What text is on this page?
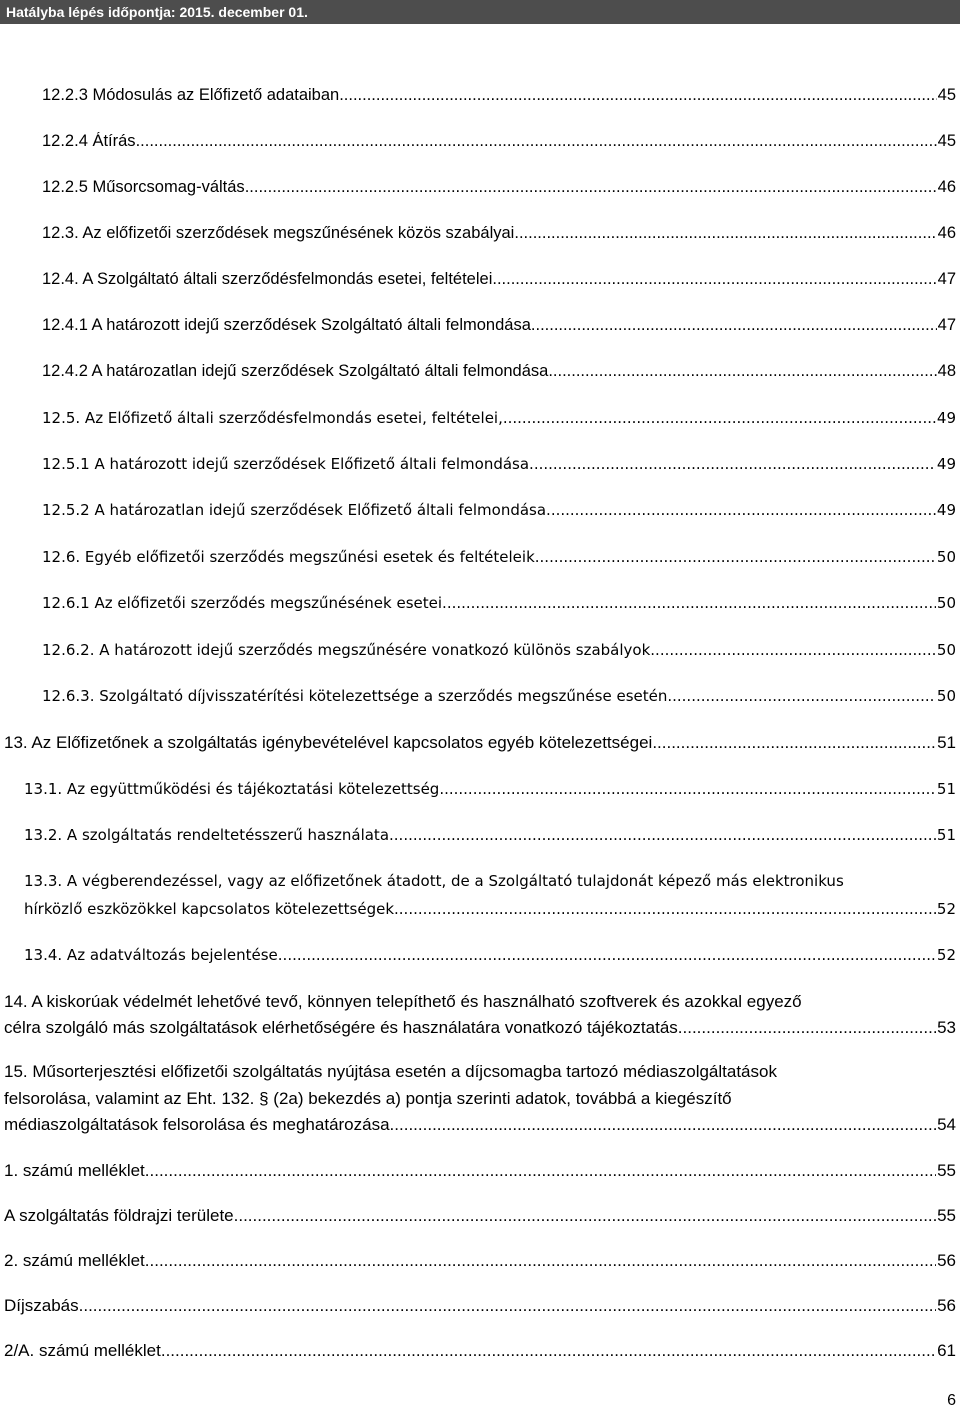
Hatályba lépés időpontja: 2015. december 01.
12.2.3 Módosulás az Előfizető adataiban .....	45
12.2.4 Átírás .....	45
12.2.5 Műsorcsomag-váltás .....	46
12.3. Az előfizetői szerződések megszűnésének közös szabályai .....	46
12.4. A Szolgáltató általi szerződésfelmondás esetei, feltételei .....	47
12.4.1 A határozott idejű szerződések Szolgáltató általi felmondása .....	47
12.4.2 A határozatlan idejű szerződések Szolgáltató általi felmondása .....	48
12.5. Az Előfizető általi szerződésfelmondás esetei, feltételei, .....	49
12.5.1 A határozott idejű szerződések Előfizető általi felmondása .....	49
12.5.2 A határozatlan idejű szerződések Előfizető általi felmondása .....	49
12.6. Egyéb előfizetői szerződés megszűnési esetek és feltételeik .....	50
12.6.1 Az előfizetői szerződés megszűnésének esetei .....	50
12.6.2. A határozott idejű szerződés megszűnésére vonatkozó különös szabályok .....	50
12.6.3. Szolgáltató díjvisszatérítési kötelezettsége a szerződés megszűnése esetén .....	50
13. Az Előfizetőnek a szolgáltatás igénybevételével kapcsolatos egyéb kötelezettségei .....	51
13.1. Az együttműködési és tájékoztatási kötelezettség .....	51
13.2. A szolgáltatás rendeltetésszerű használata .....	51
13.3. A végberendezéssel, vagy az előfizetőnek átadott, de a Szolgáltató tulajdonát képező más elektronikus
hírközlő eszközökkel kapcsolatos kötelezettségek .....	52
13.4. Az adatváltozás bejelentése .....	52
14. A kiskorúak védelmét lehetővé tevő, könnyen telepíthető és használható szoftverek és azokkal egyező
célra szolgáló más szolgáltatások elérhetőségére és használatára vonatkozó tájékoztatás .....	53
15. Műsorterjesztési előfizetői szolgáltatás nyújtása esetén a díjcsomagba tartozó médiaszolgáltatások
felsorolása, valamint az Eht. 132. § (2a) bekezdés a) pontja szerinti adatok, továbbá a kiegészítő
médiaszolgáltatások felsorolása és meghatározása. .....	54
1. számú melléklet .....	55
A szolgáltatás földrajzi területe .....	55
2. számú melléklet .....	56
Díjszabás .....	56
2/A. számú melléklet .....	61
6
